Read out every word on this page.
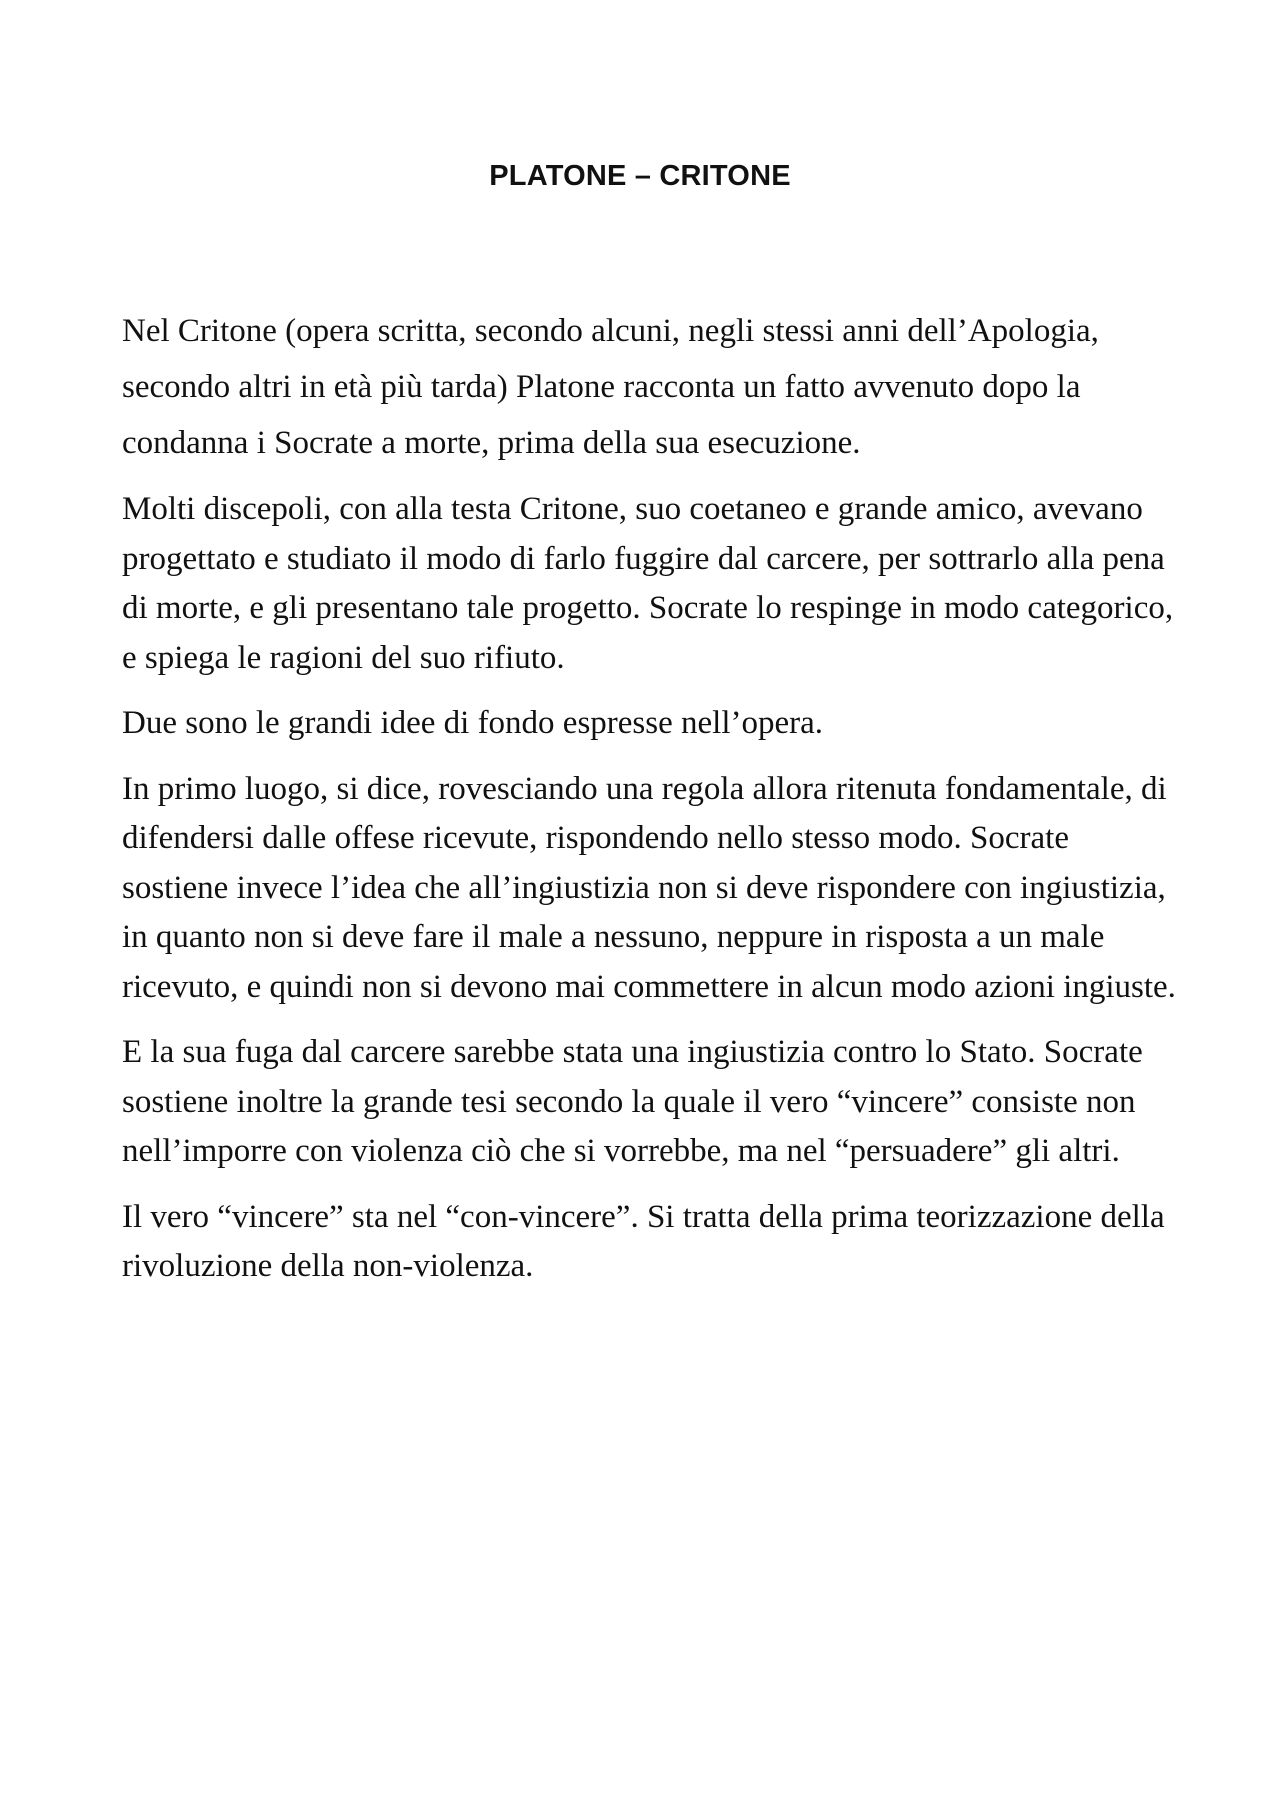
PLATONE – CRITONE

Nel Critone (opera scritta, secondo alcuni, negli stessi anni dell’Apologia, secondo altri in età più tarda) Platone racconta un fatto avvenuto dopo la condanna i Socrate a morte, prima della sua esecuzione.

Molti discepoli, con alla testa Critone, suo coetaneo e grande amico, avevano progettato e studiato il modo di farlo fuggire dal carcere, per sottrarlo alla pena di morte, e gli presentano tale progetto. Socrate lo respinge in modo categorico, e spiega le ragioni del suo rifiuto.

Due sono le grandi idee di fondo espresse nell’opera.

In primo luogo, si dice, rovesciando una regola allora ritenuta fondamentale, di difendersi dalle offese ricevute, rispondendo nello stesso modo. Socrate sostiene invece l’idea che all’ingiustizia non si deve rispondere con ingiustizia, in quanto non si deve fare il male a nessuno, neppure in risposta a un male ricevuto, e quindi non si devono mai commettere in alcun modo azioni ingiuste.

E la sua fuga dal carcere sarebbe stata una ingiustizia contro lo Stato. Socrate sostiene inoltre la grande tesi secondo la quale il vero “vincere” consiste non nell’imporre con violenza ciò che si vorrebbe, ma nel “persuadere” gli altri.

Il vero “vincere” sta nel “con-vincere”. Si tratta della prima teorizzazione della rivoluzione della non-violenza.
